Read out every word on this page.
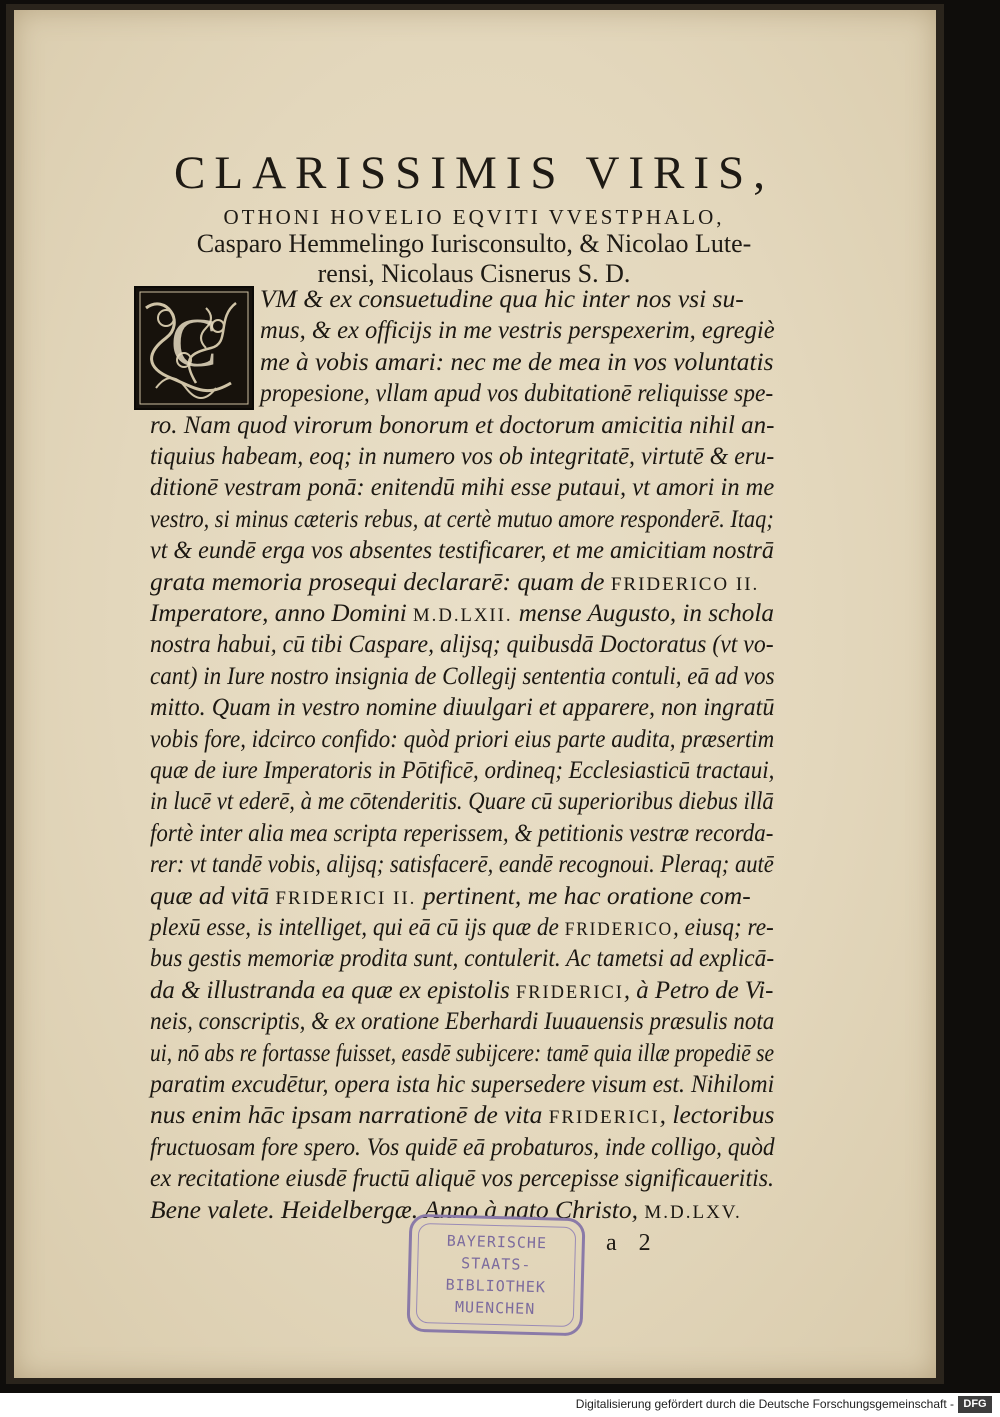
CLARISSIMIS VIRIS,
OTHONI HOVELIO EQVITI VVESTPHALO,
Casparo Hemmelingo Iurisconsulto, & Nicolao Lute-
rensi, Nicolaus Cisnerus S. D.
C
VM & ex consuetudine qua hic inter nos vsi su-
mus, & ex officijs in me vestris perspexerim, egregiè
me à vobis amari: nec me de mea in vos voluntatis
propesione, vllam apud vos dubitationē reliquisse spe-
ro. Nam quod virorum bonorum et doctorum amicitia nihil an-
tiquius habeam, eoq; in numero vos ob integritatē, virtutē & eru-
ditionē vestram ponā: enitendū mihi esse putaui, vt amori in me
vestro, si minus cæteris rebus, at certè mutuo amore responderē. Itaq;
vt & eundē erga vos absentes testificarer, et me amicitiam nostrā
grata memoria prosequi declararē: quam de FRIDERICO II.
Imperatore, anno Domini M.D.LXII. mense Augusto, in schola
nostra habui, cū tibi Caspare, alijsq; quibusdā Doctoratus (vt vo-
cant) in Iure nostro insignia de Collegij sententia contuli, eā ad vos
mitto. Quam in vestro nomine diuulgari et apparere, non ingratū
vobis fore, idcirco confido: quòd priori eius parte audita, præsertim
quæ de iure Imperatoris in Pōtificē, ordineq; Ecclesiasticū tractaui,
in lucē vt ederē, à me cōtenderitis. Quare cū superioribus diebus illā
fortè inter alia mea scripta reperissem, & petitionis vestræ recorda-
rer: vt tandē vobis, alijsq; satisfacerē, eandē recognoui. Pleraq; autē
quæ ad vitā FRIDERICI II. pertinent, me hac oratione com-
plexū esse, is intelliget, qui eā cū ijs quæ de FRIDERICO, eiusq; re-
bus gestis memoriæ prodita sunt, contulerit. Ac tametsi ad explicā-
da & illustranda ea quæ ex epistolis FRIDERICI, à Petro de Vi-
neis, conscriptis, & ex oratione Eberhardi Iuuauensis præsulis nota
ui, nō abs re fortasse fuisset, easdē subijcere: tamē quia illæ propediē se
paratim excudētur, opera ista hic supersedere visum est. Nihilomi
nus enim hāc ipsam narrationē de vita FRIDERICI, lectoribus
fructuosam fore spero. Vos quidē eā probaturos, inde colligo, quòd
ex recitatione eiusdē fructū aliquē vos percepisse significaueritis.
Bene valete. Heidelbergæ. Anno à nato Christo, M.D.LXV.
a 2
BAYERISCHE
STAATS-
BIBLIOTHEK
MUENCHEN
Digitalisierung gefördert durch die Deutsche Forschungsgemeinschaft - DFG
